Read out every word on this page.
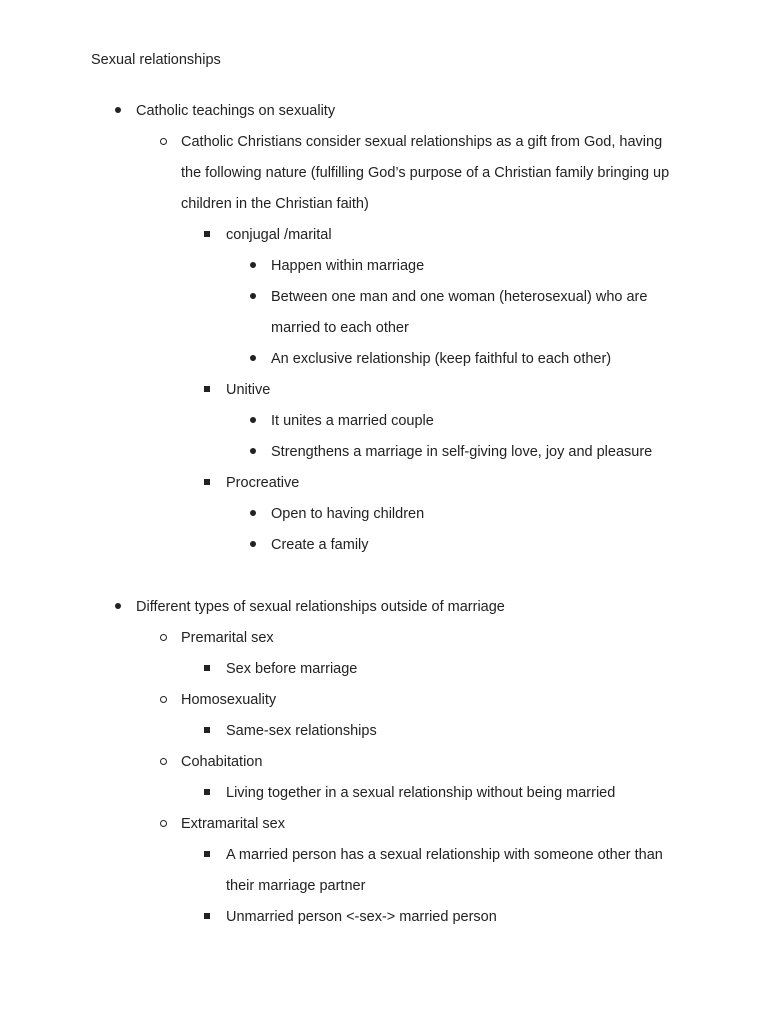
Sexual relationships
Catholic teachings on sexuality
Catholic Christians consider sexual relationships as a gift from God, having the following nature (fulfilling God’s purpose of a Christian family bringing up children in the Christian faith)
conjugal /marital
Happen within marriage
Between one man and one woman (heterosexual) who are married to each other
An exclusive relationship (keep faithful to each other)
Unitive
It unites a married couple
Strengthens a marriage in self-giving love, joy and pleasure
Procreative
Open to having children
Create a family
Different types of sexual relationships outside of marriage
Premarital sex
Sex before marriage
Homosexuality
Same-sex relationships
Cohabitation
Living together in a sexual relationship without being married
Extramarital sex
A married person has a sexual relationship with someone other than their marriage partner
Unmarried person <-sex-> married person
